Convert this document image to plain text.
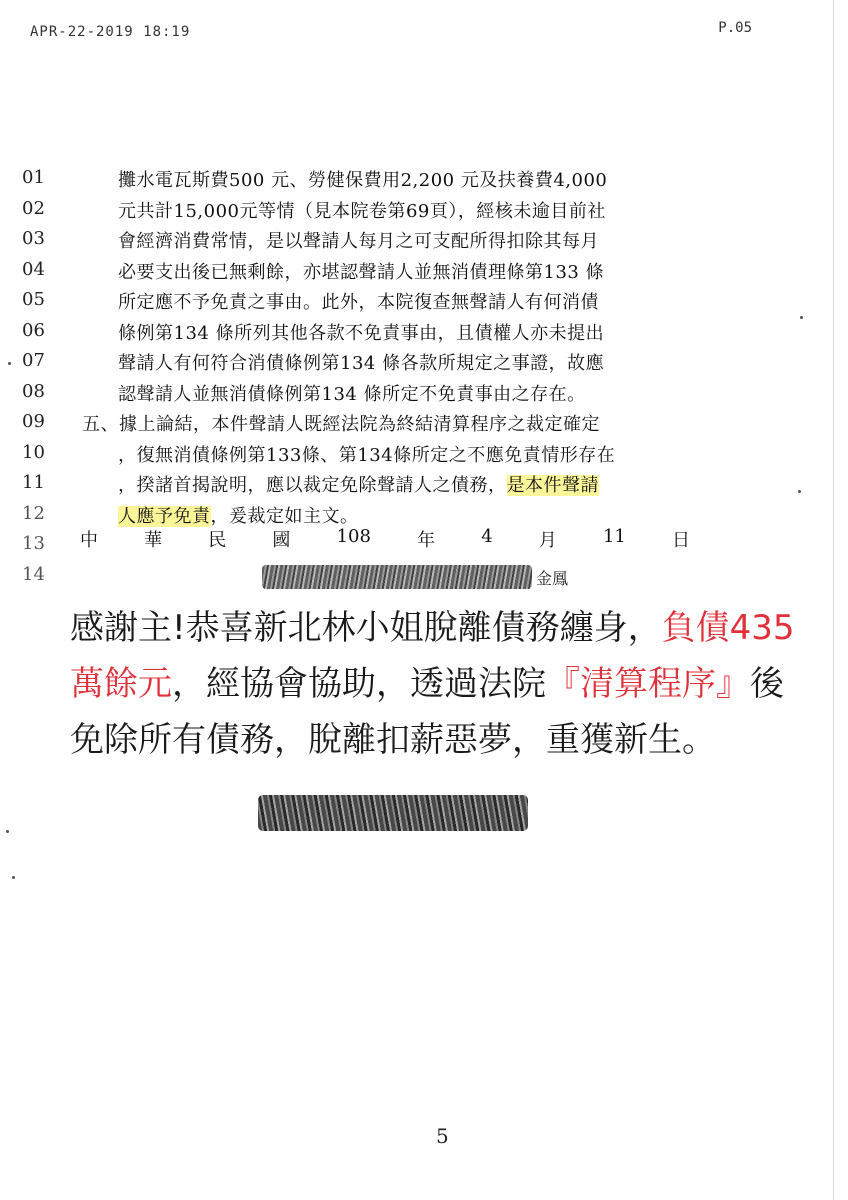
APR-22-2019 18:19	P.05
01	攤水電瓦斯費500 元、勞健保費用2,200 元及扶養費4,000
02	元共計15,000元等情（見本院卷第69頁），經核未逾目前社
03	會經濟消費常情，是以聲請人每月之可支配所得扣除其每月
04	必要支出後已無剩餘，亦堪認聲請人並無消債理條第133 條
05	所定應不予免責之事由。此外，本院復查無聲請人有何消債
06	條例第134 條所列其他各款不免責事由，且債權人亦未提出
07	聲請人有何符合消債條例第134 條各款所規定之事證，故應
08	認聲請人並無消債條例第134 條所定不免責事由之存在。
09	五、據上論結，本件聲請人既經法院為終結清算程序之裁定確定
10	，復無消債條例第133條、第134條所定之不應免責情形存在
11	，揆諸首揭說明，應以裁定免除聲請人之債務，是本件聲請
12	人應予免責，爰裁定如主文。
13
14
中	華	民	國	108	年	4	月	11	日
金鳳
感謝主!恭喜新北林小姐脫離債務纏身，負債435 萬餘元，經協會協助，透過法院『清算程序』後免除所有債務，脫離扣薪惡夢，重獲新生。
5
